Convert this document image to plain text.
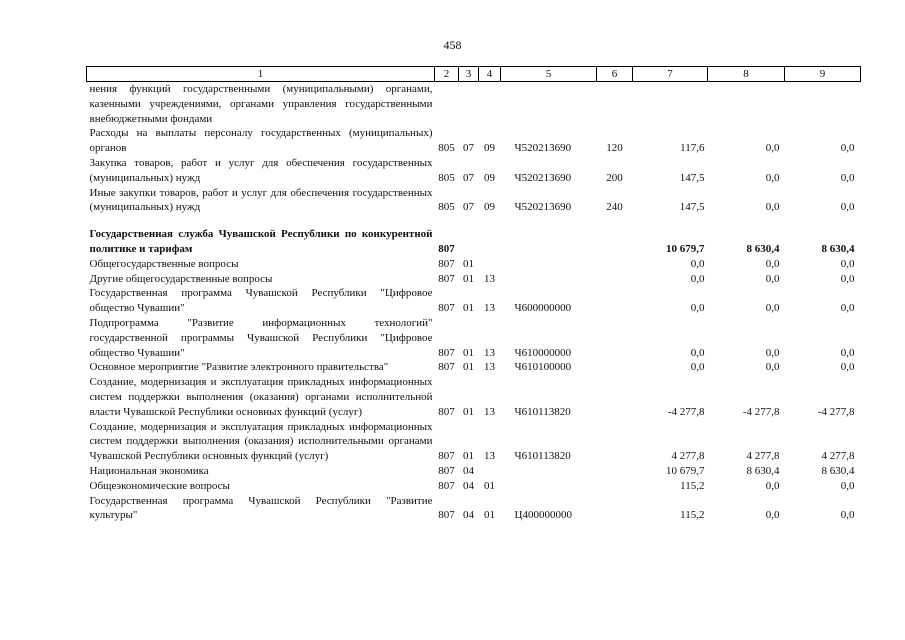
458
1	2	3	4	5	6	7	8	9
нения функций государственными (муниципальными) органами, казенными учреждениями, органами управления государственными внебюджетными фондами								
Расходы на выплаты персоналу государственных (муниципальных) органов	805	07	09	Ч520213690	120	117,6	0,0	0,0
Закупка товаров, работ и услуг для обеспечения государственных (муниципальных) нужд	805	07	09	Ч520213690	200	147,5	0,0	0,0
Иные закупки товаров, работ и услуг для обеспечения государственных (муниципальных) нужд	805	07	09	Ч520213690	240	147,5	0,0	0,0

Государственная служба Чувашской Республики по конкурентной политике и тарифам	807					10 679,7	8 630,4	8 630,4
Общегосударственные вопросы	807	01				0,0	0,0	0,0
Другие общегосударственные вопросы	807	01	13			0,0	0,0	0,0
Государственная программа Чувашской Республики "Цифровое общество Чувашии"	807	01	13	Ч600000000		0,0	0,0	0,0
Подпрограмма "Развитие информационных технологий" государственной программы Чувашской Республики "Цифровое общество Чувашии"	807	01	13	Ч610000000		0,0	0,0	0,0
Основное мероприятие "Развитие электронного правительства"	807	01	13	Ч610100000		0,0	0,0	0,0
Создание, модернизация и эксплуатация прикладных информационных систем поддержки выполнения (оказания) органами исполнительной власти Чувашской Республики основных функций (услуг)	807	01	13	Ч610113820		-4 277,8	-4 277,8	-4 277,8
Создание, модернизация и эксплуатация прикладных информационных систем поддержки выполнения (оказания) исполнительными органами Чувашской Республики основных функций (услуг)	807	01	13	Ч610113820		4 277,8	4 277,8	4 277,8
Национальная экономика	807	04				10 679,7	8 630,4	8 630,4
Общеэкономические вопросы	807	04	01			115,2	0,0	0,0
Государственная программа Чувашской Республики "Развитие культуры"	807	04	01	Ц400000000		115,2	0,0	0,0
